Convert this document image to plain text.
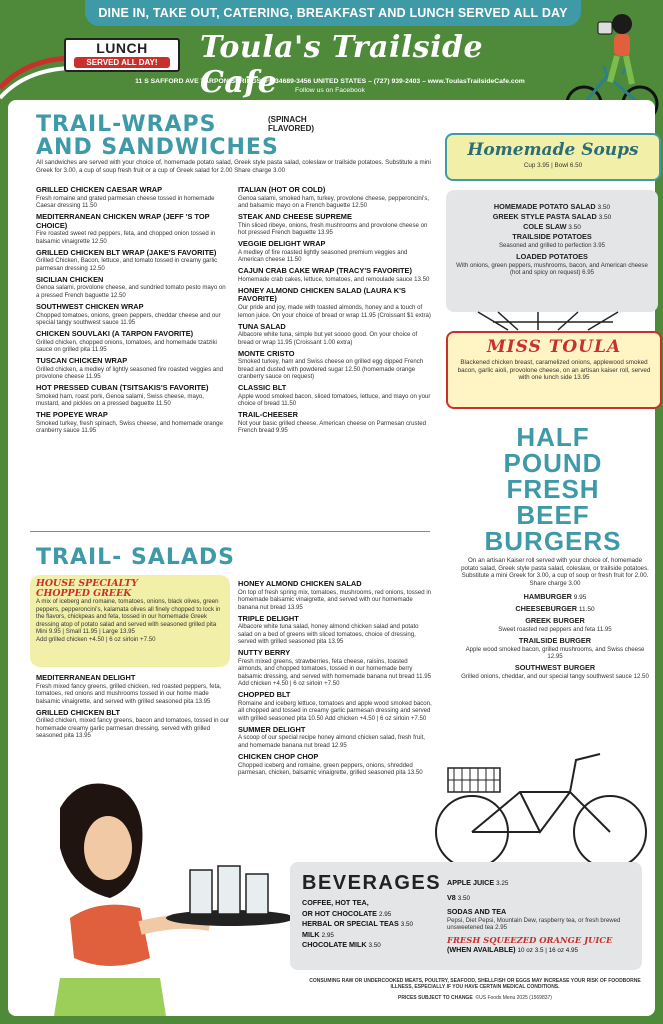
DINE IN, TAKE OUT, CATERING, BREAKFAST AND LUNCH SERVED ALL DAY
LUNCH
SERVED ALL DAY!	Toula's Trailside Cafe
11 S SAFFORD AVE TARPON SPRINGS, FL 34689-3456 UNITED STATES – (727) 939-2403 – www.ToulasTrailsideCafe.com
Follow us on Facebook
TRAIL-WRAPS	(SPINACH FLAVORED)
AND SANDWICHES
All sandwiches are served with your choice of, homemade potato salad, Greek style pasta salad, coleslaw or trailside potatoes. Substitute a mini Greek for 3.00, a cup of soup fresh fruit or a cup of Greek salad for 2.00 Share charge 3.00
GRILLED CHICKEN CAESAR WRAP
Fresh romaine and grated parmesan cheese tossed in homemade Caesar dressing 11.50
MEDITERRANEAN CHICKEN WRAP (JEFF 'S TOP CHOICE)
Fire roasted sweet red peppers, feta, and chopped onion tossed in balsamic vinaigrette 12.50
GRILLED CHICKEN BLT WRAP (JAKE'S FAVORITE)
Grilled Chicken, Bacon, lettuce, and tomato tossed in creamy garlic parmesan dressing 12.50
SICILIAN CHICKEN
Genoa salami, provolone cheese, and sundried tomato pesto mayo on a pressed French baguette 12.50
SOUTHWEST CHICKEN WRAP
Chopped tomatoes, onions, green peppers, cheddar cheese and our special tangy southwest sauce 11.95
CHICKEN SOUVLAKI (A TARPON FAVORITE)
Grilled chicken, chopped onions, tomatoes, and homemade tzatziki sauce on grilled pita 11.95
TUSCAN CHICKEN WRAP
Grilled chicken, a medley of lightly seasoned fire roasted veggies and provolone cheese 11.95
HOT PRESSED CUBAN (TSITSAKIS'S FAVORITE)
Smoked ham, roast pork, Genoa salami, Swiss cheese, mayo, mustard, and pickles on a pressed baguette 11.50
THE POPEYE WRAP
Smoked turkey, fresh spinach, Swiss cheese, and homemade orange cranberry sauce 11.95
ITALIAN (HOT OR COLD)
Genoa salami, smoked ham, turkey, provolone cheese, pepperoncini's, and balsamic mayo on a French baguette 12.50
STEAK AND CHEESE SUPREME
Thin sliced ribeye, onions, fresh mushrooms and provolone cheese on hot pressed French baguette 13.95
VEGGIE DELIGHT WRAP
A medley of fire roasted lightly seasoned premium veggies and American cheese 11.50
CAJUN CRAB CAKE WRAP (TRACY'S FAVORITE)
Homemade crab cakes, lettuce, tomatoes, and remoulade sauce 13.50
HONEY ALMOND CHICKEN SALAD (LAURA K'S FAVORITE)
Our pride and joy, made with toasted almonds, honey and a touch of lemon juice. On your choice of bread or wrap 11.95 (Croissant $1 extra)
TUNA SALAD
Albacore white tuna, simple but yet soooo good. On your choice of bread or wrap 11.95 (Croissant 1.00 extra)
MONTE CRISTO
Smoked turkey, ham and Swiss cheese on grilled egg dipped French bread and dusted with powdered sugar 12.50 (homemade orange cranberry sauce on request)
CLASSIC BLT
Apple wood smoked bacon, sliced tomatoes, lettuce, and mayo on your choice of bread 11.50
TRAIL-CHEESER
Not your basic grilled cheese. American cheese on Parmesan crusted French bread 9.95
Homemade Soups
Cup 3.95 | Bowl 6.50
HOMEMADE POTATO SALAD 3.50
GREEK STYLE PASTA SALAD 3.50
COLE SLAW 3.50
TRAILSIDE POTATOES
Seasoned and grilled to perfection 3.95
LOADED POTATOES
With onions, green peppers, mushrooms, bacon, and American cheese (hot and spicy on request) 6.95
MISS TOULA
Blackened chicken breast, caramelized onions, applewood smoked bacon, garlic aioli, provolone cheese, on an artisan kaiser roll, served with one lunch side 13.95
HALF
POUND
FRESH
BEEF
BURGERS
On an artisan Kaiser roll served with your choice of, homemade potato salad, Greek style pasta salad, coleslaw, or trailside potatoes. Substitute a mini Greek for 3.00, a cup of soup or fresh fruit for 2.00. Share charge 3.00
HAMBURGER 9.95
CHEESEBURGER 11.50
GREEK BURGER
Sweet roasted red peppers and feta 11.95
TRAILSIDE BURGER
Apple wood smoked bacon, grilled mushrooms, and Swiss cheese 12.95
SOUTHWEST BURGER
Grilled onions, cheddar, and our special tangy southwest sauce 12.50
TRAIL- SALADS
HOUSE SPECIALTY
CHOPPED GREEK
A mix of iceberg and romaine, tomatoes, onions, black olives, green peppers, pepperoncini's, kalamata olives all finely chopped to lock in the flavors, chickpeas and feta, tossed in our homemade Greek dressing atop of potato salad and served with seasoned grilled pita
Mini 9.95 | Small 11.95 | Large 13.95
Add grilled chicken +4.50 | 6 oz sirloin +7.50
MEDITERRANEAN DELIGHT
Fresh mixed fancy greens, grilled chicken, red roasted peppers, feta, tomatoes, red onions and mushrooms tossed in our home made balsamic vinaigrette, and served with grilled seasoned pita 13.95
GRILLED CHICKEN BLT
Grilled chicken, mixed fancy greens, bacon and tomatoes, tossed in our homemade creamy garlic parmesan dressing, served with grilled seasoned pita 13.95
HONEY ALMOND CHICKEN SALAD
On top of fresh spring mix, tomatoes, mushrooms, red onions, tossed in homemade balsamic vinaigrette, and served with our homemade banana nut bread 13.95
TRIPLE DELIGHT
Albacore white tuna salad, honey almond chicken salad and potato salad on a bed of greens with sliced tomatoes, choice of dressing, served with grilled seasoned pita 13.95
NUTTY BERRY
Fresh mixed greens, strawberries, feta cheese, raisins, toasted almonds, and chopped tomatoes, tossed in our homemade berry balsamic dressing, and served with homemade banana nut bread 11.95 Add chicken +4.50 | 6 oz sirloin +7.50
CHOPPED BLT
Romaine and iceberg lettuce, tomatoes and apple wood smoked bacon, all chopped and tossed in creamy garlic parmesan dressing and served with grilled seasoned pita 10.50 Add chicken +4.50 | 6 oz sirloin +7.50
SUMMER DELIGHT
A scoop of our special recipe honey almond chicken salad, fresh fruit, and homemade banana nut bread 12.95
CHICKEN CHOP CHOP
Chopped iceberg and romaine, green peppers, onions, shredded parmesan, chicken, balsamic vinaigrette, grilled seasoned pita 13.50
BEVERAGES
COFFEE, HOT TEA,
OR HOT CHOCOLATE 2.95
HERBAL OR SPECIAL TEAS 3.50
MILK 2.95
CHOCOLATE MILK 3.50
APPLE JUICE 3.25
V8 3.50
SODAS AND TEA
Pepsi, Diet Pepsi, Mountain Dew, raspberry tea, or fresh brewed unsweetened tea 2.95
FRESH SQUEEZED ORANGE JUICE
(WHEN AVAILABLE) 10 oz 3.5 | 16 oz 4.95
CONSUMING RAW OR UNDERCOOKED MEATS, POULTRY, SEAFOOD, SHELLFISH OR EGGS MAY INCREASE YOUR RISK OF FOODBORNE ILLNESS, ESPECIALLY IF YOU HAVE CERTAIN MEDICAL CONDITIONS.
PRICES SUBJECT TO CHANGE ©US Foods Menu 2025 (1569837)
